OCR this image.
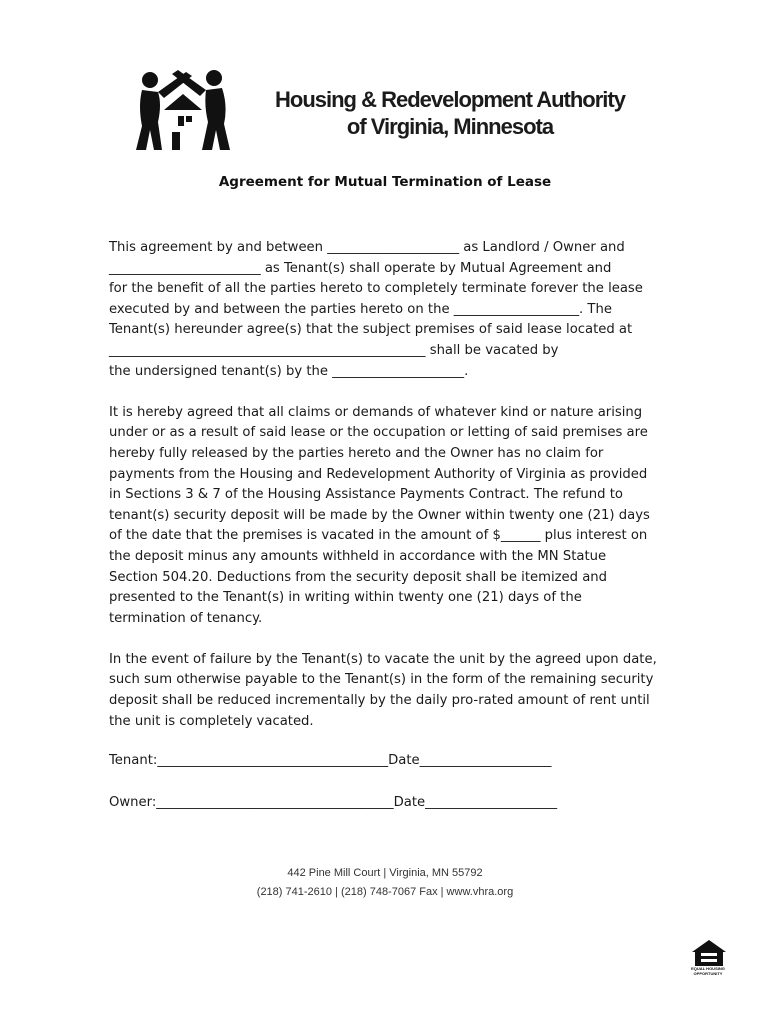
Housing & Redevelopment Authority
of Virginia, Minnesota
Agreement for Mutual Termination of Lease

This agreement by and between ____________________ as Landlord / Owner and
_______________________ as Tenant(s) shall operate by Mutual Agreement and
for the benefit of all the parties hereto to completely terminate forever the lease
executed by and between the parties hereto on the ___________________. The
Tenant(s) hereunder agree(s) that the subject premises of said lease located at
________________________________________________ shall be vacated by
the undersigned tenant(s) by the ____________________.

It is hereby agreed that all claims or demands of whatever kind or nature arising
under or as a result of said lease or the occupation or letting of said premises are
hereby fully released by the parties hereto and the Owner has no claim for
payments from the Housing and Redevelopment Authority of Virginia as provided
in Sections 3 & 7 of the Housing Assistance Payments Contract. The refund to
tenant(s) security deposit will be made by the Owner within twenty one (21) days
of the date that the premises is vacated in the amount of $______ plus interest on
the deposit minus any amounts withheld in accordance with the MN Statue
Section 504.20. Deductions from the security deposit shall be itemized and
presented to the Tenant(s) in writing within twenty one (21) days of the
termination of tenancy.

In the event of failure by the Tenant(s) to vacate the unit by the agreed upon date,
such sum otherwise payable to the Tenant(s) in the form of the remaining security
deposit shall be reduced incrementally by the daily pro-rated amount of rent until
the unit is completely vacated.

Tenant:___________________________________Date____________________
Owner:____________________________________Date____________________
442 Pine Mill Court | Virginia, MN 55792
(218) 741-2610 | (218) 748-7067 Fax | www.vhra.org
EQUAL HOUSING
OPPORTUNITY
